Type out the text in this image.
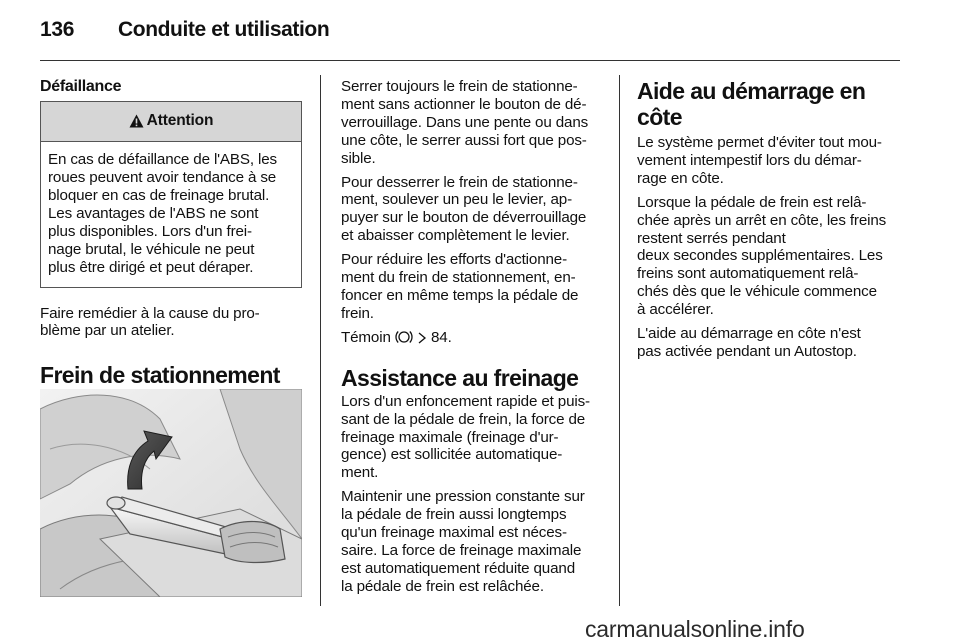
136 Conduite et utilisation
Défaillance
Attention
En cas de défaillance de l'ABS, les
roues peuvent avoir tendance à se
bloquer en cas de freinage brutal.
Les avantages de l'ABS ne sont
plus disponibles. Lors d'un frei-
nage brutal, le véhicule ne peut
plus être dirigé et peut déraper.
Faire remédier à la cause du pro-
blème par un atelier.
Frein de stationnement
Serrer toujours le frein de stationne-
ment sans actionner le bouton de dé-
verrouillage. Dans une pente ou dans
une côte, le serrer aussi fort que pos-
sible.
Pour desserrer le frein de stationne-
ment, soulever un peu le levier, ap-
puyer sur le bouton de déverrouillage
et abaisser complètement le levier.
Pour réduire les efforts d'actionne-
ment du frein de stationnement, en-
foncer en même temps la pédale de
frein.
Témoin	84.
Assistance au freinage
Lors d'un enfoncement rapide et puis-
sant de la pédale de frein, la force de
freinage maximale (freinage d'ur-
gence) est sollicitée automatique-
ment.
Maintenir une pression constante sur
la pédale de frein aussi longtemps
qu'un freinage maximal est néces-
saire. La force de freinage maximale
est automatiquement réduite quand
la pédale de frein est relâchée.
Aide au démarrage en côte
Le système permet d'éviter tout mou-
vement intempestif lors du démar-
rage en côte.
Lorsque la pédale de frein est relâ-
chée après un arrêt en côte, les freins
restent serrés pendant
deux secondes supplémentaires. Les
freins sont automatiquement relâ-
chés dès que le véhicule commence
à accélérer.
L'aide au démarrage en côte n'est
pas activée pendant un Autostop.
carmanualsonline.info
